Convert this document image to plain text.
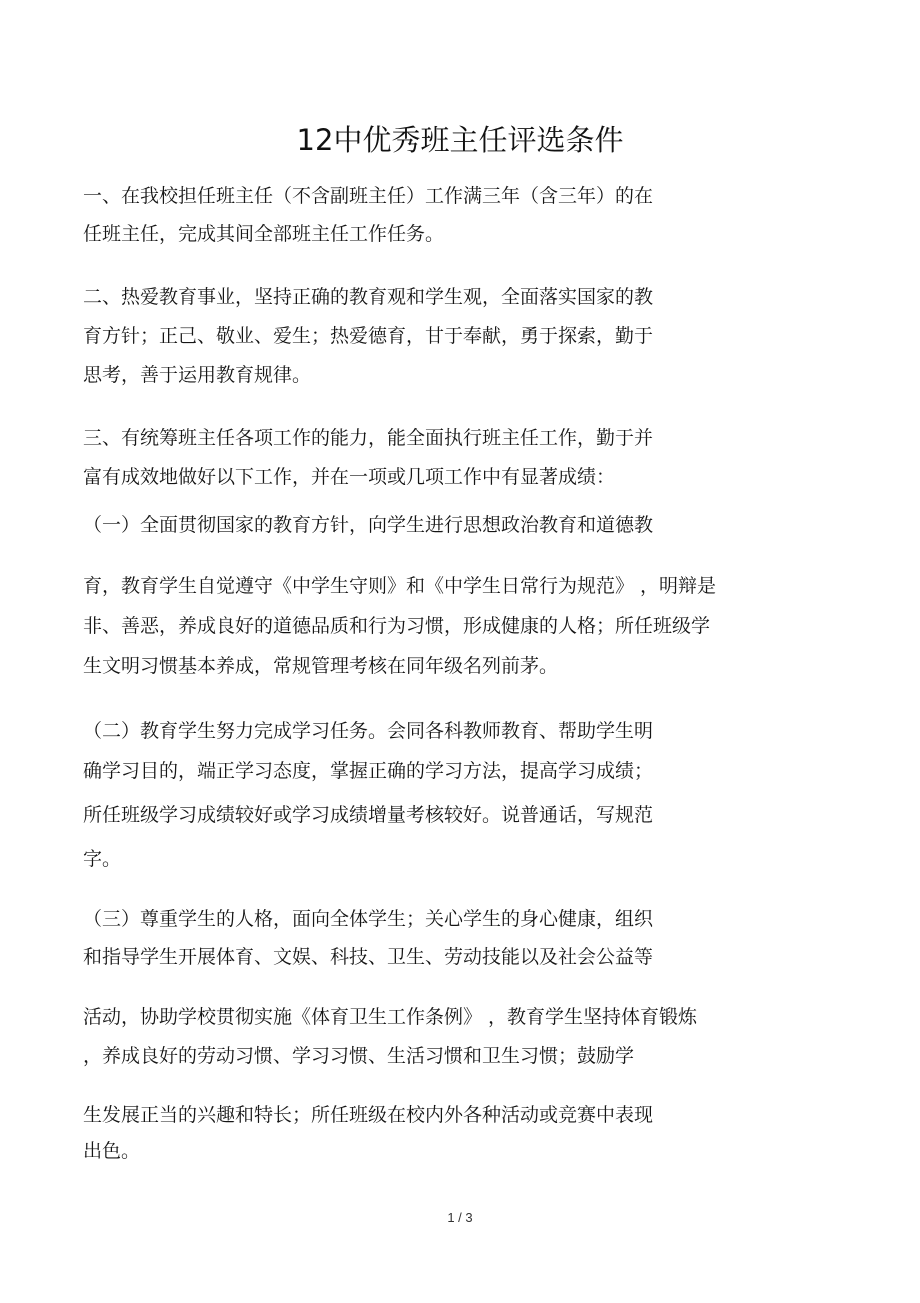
12中优秀班主任评选条件
一、在我校担任班主任（不含副班主任）工作满三年（含三年）的在
任班主任，完成其间全部班主任工作任务。
二、热爱教育事业，坚持正确的教育观和学生观，全面落实国家的教
育方针；正己、敬业、爱生；热爱德育，甘于奉献，勇于探索，勤于
思考，善于运用教育规律。
三、有统筹班主任各项工作的能力，能全面执行班主任工作，勤于并
富有成效地做好以下工作，并在一项或几项工作中有显著成绩：
（一）全面贯彻国家的教育方针，向学生进行思想政治教育和道德教
育，教育学生自觉遵守《中学生守则》和《中学生日常行为规范》 ，明辩是
非、善恶，养成良好的道德品质和行为习惯，形成健康的人格；所任班级学
生文明习惯基本养成，常规管理考核在同年级名列前茅。
（二）教育学生努力完成学习任务。会同各科教师教育、帮助学生明
确学习目的，端正学习态度，掌握正确的学习方法，提高学习成绩；
所任班级学习成绩较好或学习成绩增量考核较好。说普通话，写规范
字。
（三）尊重学生的人格，面向全体学生；关心学生的身心健康，组织
和指导学生开展体育、文娱、科技、卫生、劳动技能以及社会公益等
活动，协助学校贯彻实施《体育卫生工作条例》 ，教育学生坚持体育锻炼
，养成良好的劳动习惯、学习习惯、生活习惯和卫生习惯；鼓励学
生发展正当的兴趣和特长；所任班级在校内外各种活动或竞赛中表现
出色。
1 / 3
